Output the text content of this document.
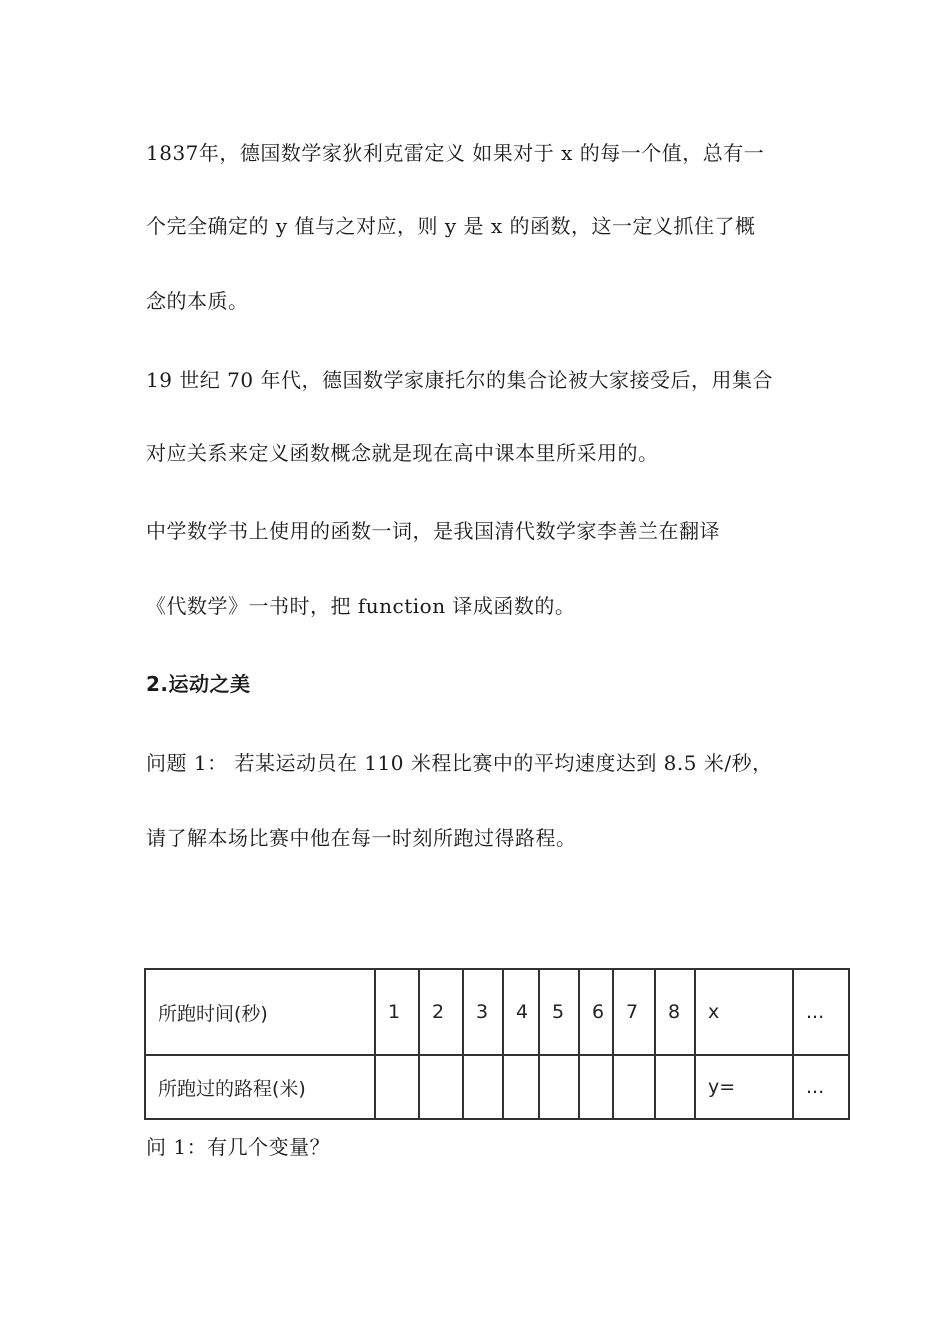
1837年，德国数学家狄利克雷定义 如果对于 x 的每一个值，总有一
个完全确定的 y 值与之对应，则 y 是 x 的函数，这一定义抓住了概
念的本质。
19 世纪 70 年代，德国数学家康托尔的集合论被大家接受后，用集合
对应关系来定义函数概念就是现在高中课本里所采用的。
中学数学书上使用的函数一词，是我国清代数学家李善兰在翻译
《代数学》一书时，把 function 译成函数的。
2.运动之美
问题 1： 若某运动员在 110 米程比赛中的平均速度达到 8.5 米/秒，
请了解本场比赛中他在每一时刻所跑过得路程。
所跑时间(秒)	1	2	3	4	5	6	7	8	x	...
所跑过的路程(米)									y=	...
问 1：有几个变量？
